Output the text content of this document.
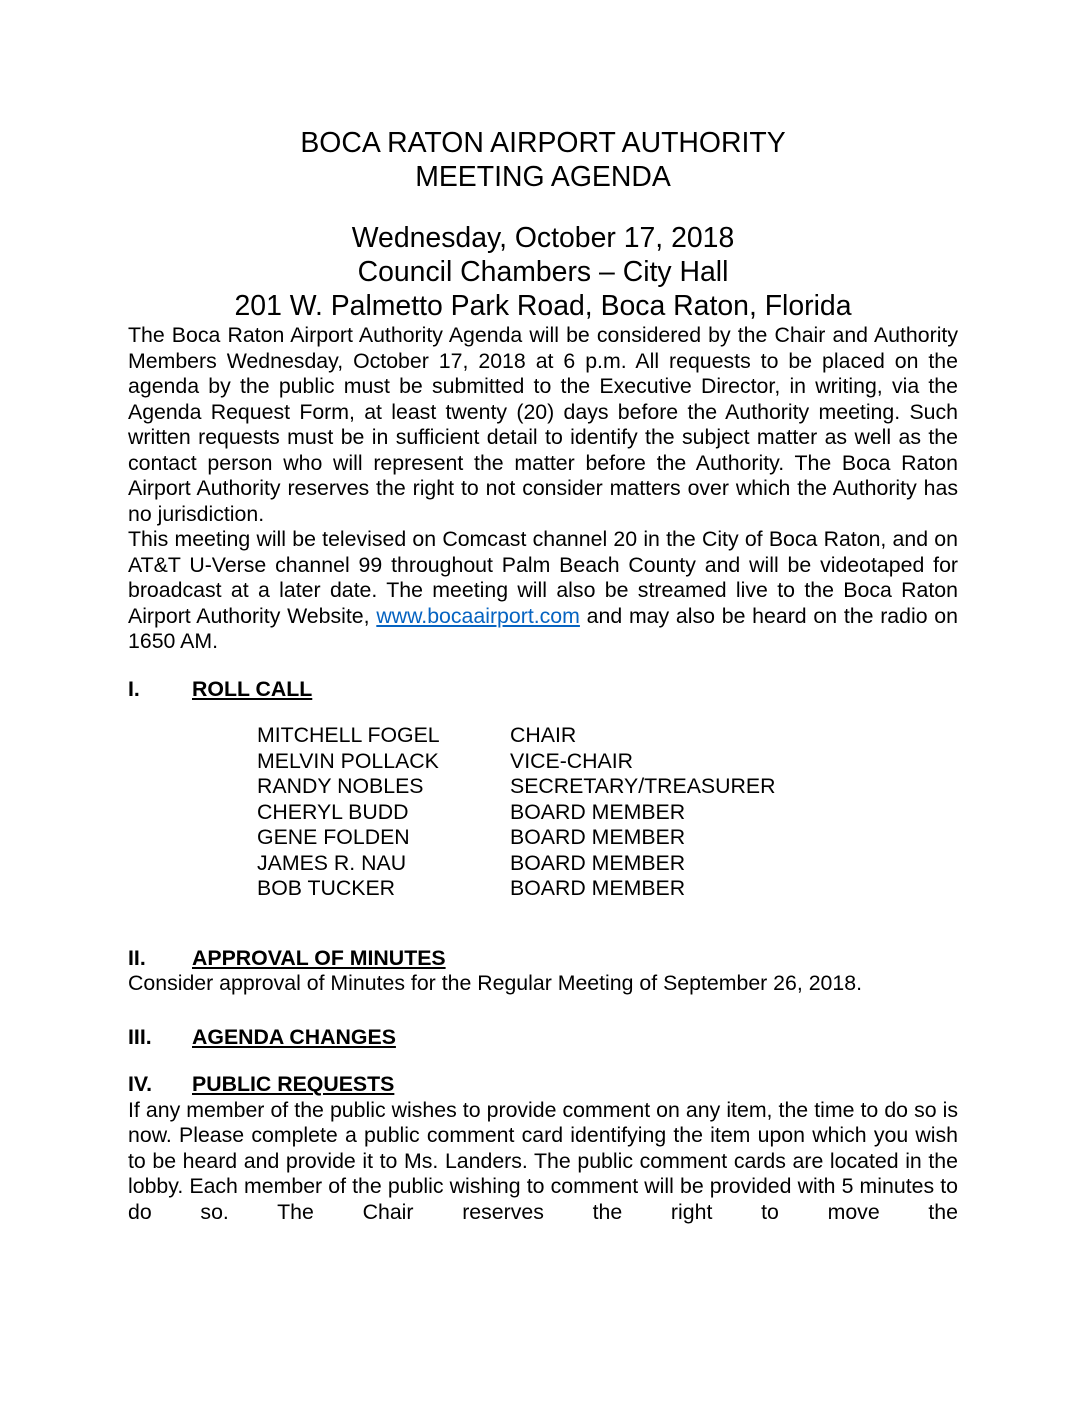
BOCA RATON AIRPORT AUTHORITY
MEETING AGENDA
Wednesday, October 17, 2018
Council Chambers – City Hall
201 W. Palmetto Park Road, Boca Raton, Florida

The Boca Raton Airport Authority Agenda will be considered by the Chair and Authority Members Wednesday, October 17, 2018 at 6 p.m. All requests to be placed on the agenda by the public must be submitted to the Executive Director, in writing, via the Agenda Request Form, at least twenty (20) days before the Authority meeting. Such written requests must be in sufficient detail to identify the subject matter as well as the contact person who will represent the matter before the Authority. The Boca Raton Airport Authority reserves the right to not consider matters over which the Authority has no jurisdiction.

This meeting will be televised on Comcast channel 20 in the City of Boca Raton, and on AT&T U-Verse channel 99 throughout Palm Beach County and will be videotaped for broadcast at a later date. The meeting will also be streamed live to the Boca Raton Airport Authority Website, www.bocaairport.com and may also be heard on the radio on 1650 AM.

I.	ROLL CALL
MITCHELL FOGEL	CHAIR
MELVIN POLLACK	VICE-CHAIR
RANDY NOBLES	SECRETARY/TREASURER
CHERYL BUDD	BOARD MEMBER
GENE FOLDEN	BOARD MEMBER
JAMES R. NAU	BOARD MEMBER
BOB TUCKER	BOARD MEMBER
II.	APPROVAL OF MINUTES

Consider approval of Minutes for the Regular Meeting of September 26, 2018.

III.	AGENDA CHANGES
IV.	PUBLIC REQUESTS

If any member of the public wishes to provide comment on any item, the time to do so is now. Please complete a public comment card identifying the item upon which you wish to be heard and provide it to Ms. Landers. The public comment cards are located in the lobby. Each member of the public wishing to comment will be provided with 5 minutes to do so. The Chair reserves the right to move the
